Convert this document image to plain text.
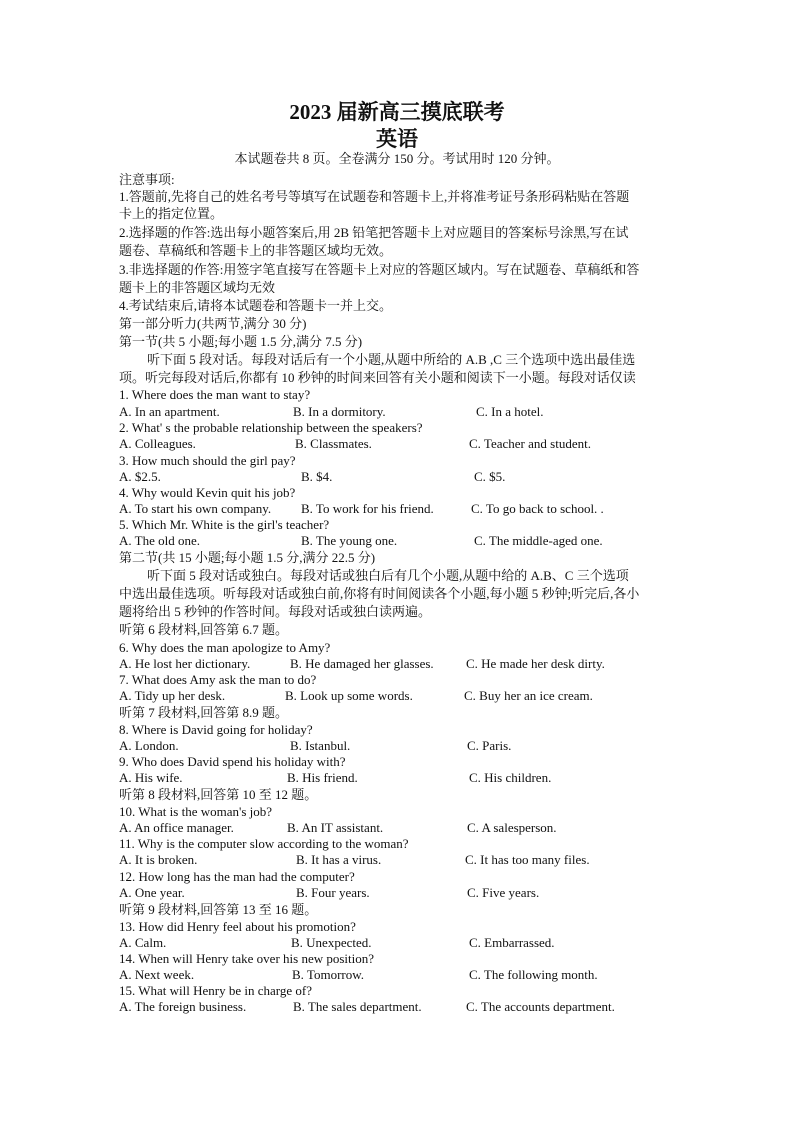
2023 届新高三摸底联考
英语
本试题卷共 8 页。全卷满分 150 分。考试用时 120 分钟。
注意事项:
1.答题前,先将自己的姓名考号等填写在试题卷和答题卡上,并将准考证号条形码粘贴在答题
卡上的指定位置。
2.选择题的作答:选出每小题答案后,用 2B 铅笔把答题卡上对应题目的答案标号涂黑,写在试
题卷、草稿纸和答题卡上的非答题区域均无效。
3.非选择题的作答:用签字笔直接写在答题卡上对应的答题区域内。写在试题卷、草稿纸和答
题卡上的非答题区域均无效
4.考试结束后,请将本试题卷和答题卡一并上交。
第一部分听力(共两节,满分 30 分)
第一节(共 5 小题;每小题 1.5 分,满分 7.5 分)
听下面 5 段对话。每段对话后有一个小题,从题中所给的 A.B ,C 三个选项中选出最佳选
项。听完每段对话后,你都有 10 秒钟的时间来回答有关小题和阅读下一小题。每段对话仅读
1. Where does the man want to stay?
A. In an apartment.	B. In a dormitory.	C. In a hotel.
2. What' s the probable relationship between the speakers?
A. Colleagues.	B. Classmates.	C. Teacher and student.
3. How much should the girl pay?
A. $2.5.	B. $4.	C. $5.
4. Why would Kevin quit his job?
A. To start his own company. B. To work for his friend.	C. To go back to school. .
5. Which Mr. White is the girl's teacher?
A. The old one.	B. The young one.	C. The middle-aged one.
第二节(共 15 小题;每小题 1.5 分,满分 22.5 分)
听下面 5 段对话或独白。每段对话或独白后有几个小题,从题中给的 A.B、C 三个选项
中选出最佳选项。听每段对话或独白前,你将有时间阅读各个小题,每小题 5 秒钟;听完后,各小
题将给出 5 秒钟的作答时间。每段对话或独白读两遍。
听第 6 段材料,回答第 6.7 题。
6. Why does the man apologize to Amy?
A. He lost her dictionary.	B. He damaged her glasses. C. He made her desk dirty.
7. What does Amy ask the man to do?
A. Tidy up her desk.	B. Look up some words.	C. Buy her an ice cream.
听第 7 段材料,回答第 8.9 题。
8. Where is David going for holiday?
A. London.	B. Istanbul.	C. Paris.
9. Who does David spend his holiday with?
A. His wife.	B. His friend.	C. His children.
听第 8 段材料,回答第 10 至 12 题。
10. What is the woman's job?
A. An office manager.	B. An IT assistant.	C. A salesperson.
11. Why is the computer slow according to the woman?
A. It is broken.	B. It has a virus.	C. It has too many files.
12. How long has the man had the computer?
A. One year.	B. Four years.	C. Five years.
听第 9 段材料,回答第 13 至 16 题。
13. How did Henry feel about his promotion?
A. Calm.	B. Unexpected.	C. Embarrassed.
14. When will Henry take over his new position?
A. Next week.	B. Tomorrow.	C. The following month.
15. What will Henry be in charge of?
A. The foreign business.	B. The sales department.	C. The accounts department.
